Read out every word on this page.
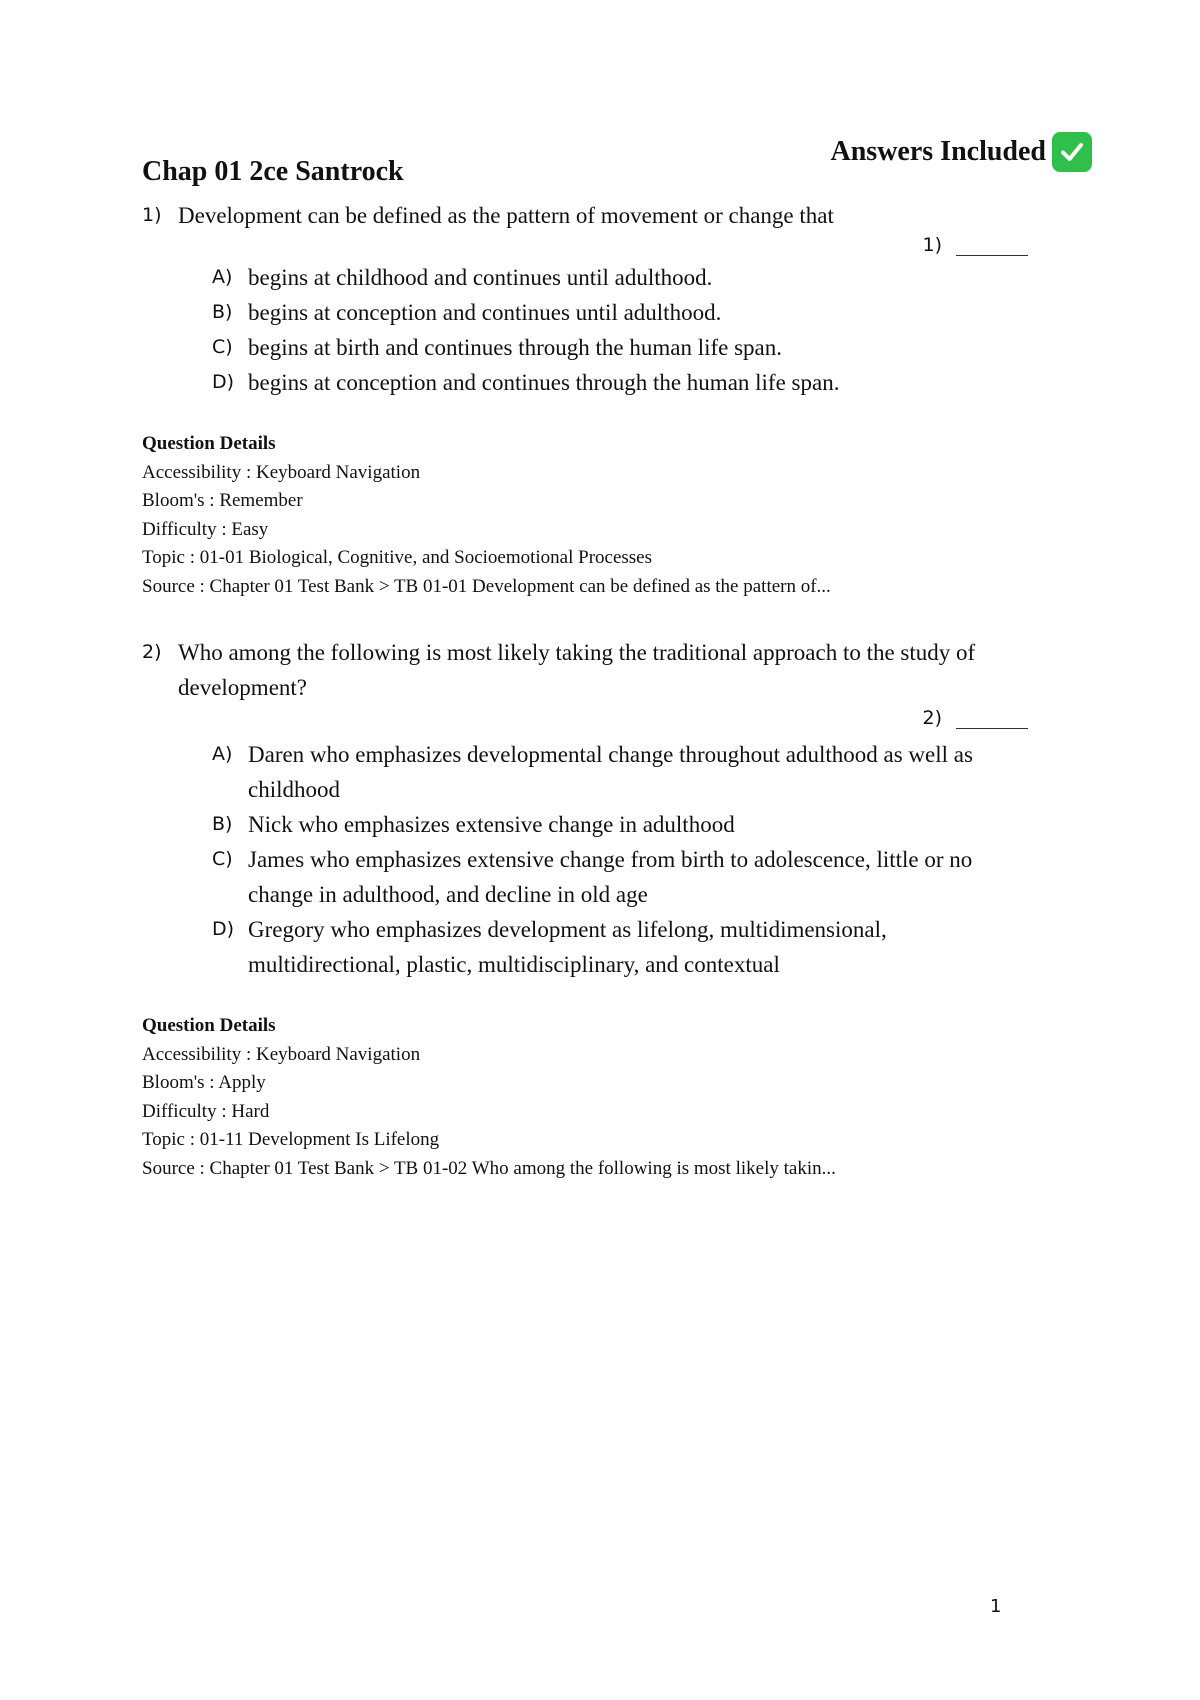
Answers Included
Chap 01 2ce Santrock
1) Development can be defined as the pattern of movement or change that
1)
A) begins at childhood and continues until adulthood.
B) begins at conception and continues until adulthood.
C) begins at birth and continues through the human life span.
D) begins at conception and continues through the human life span.
Question Details
Accessibility : Keyboard Navigation
Bloom's : Remember
Difficulty : Easy
Topic : 01-01 Biological, Cognitive, and Socioemotional Processes
Source : Chapter 01 Test Bank > TB 01-01 Development can be defined as the pattern of...
2) Who among the following is most likely taking the traditional approach to the study of development?
2)
A) Daren who emphasizes developmental change throughout adulthood as well as childhood
B) Nick who emphasizes extensive change in adulthood
C) James who emphasizes extensive change from birth to adolescence, little or no change in adulthood, and decline in old age
D) Gregory who emphasizes development as lifelong, multidimensional, multidirectional, plastic, multidisciplinary, and contextual
Question Details
Accessibility : Keyboard Navigation
Bloom's : Apply
Difficulty : Hard
Topic : 01-11 Development Is Lifelong
Source : Chapter 01 Test Bank > TB 01-02 Who among the following is most likely takin...
1
